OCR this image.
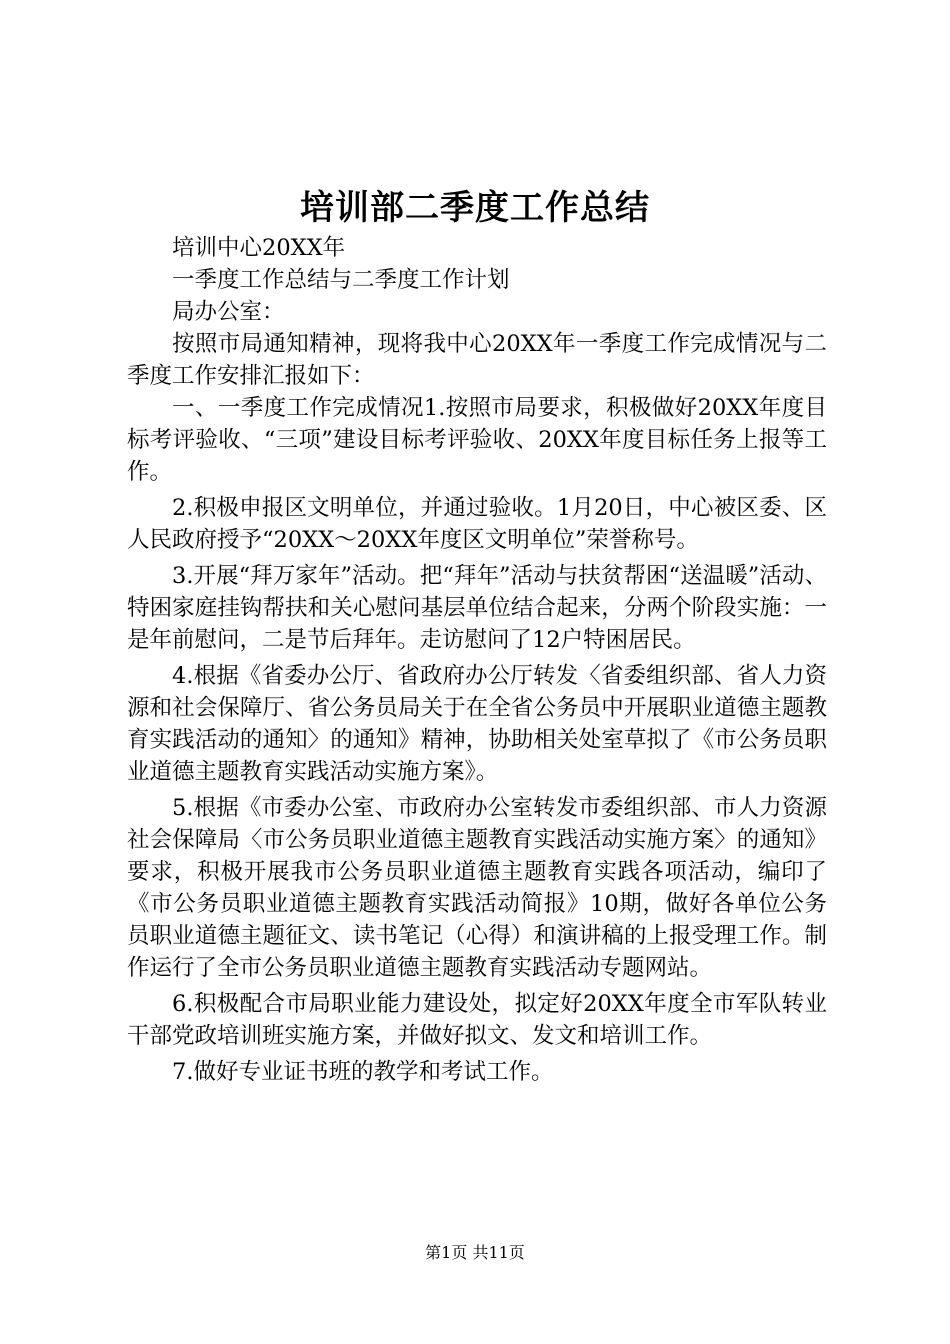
培训部二季度工作总结

培训中心20XX年

一季度工作总结与二季度工作计划

局办公室：

按照市局通知精神，现将我中心20XX年一季度工作完成情况与二季度工作安排汇报如下：

一、一季度工作完成情况1.按照市局要求，积极做好20XX年度目标考评验收、“三项”建设目标考评验收、20XX年度目标任务上报等工作。

2.积极申报区文明单位，并通过验收。1月20日，中心被区委、区人民政府授予“20XX～20XX年度区文明单位”荣誉称号。

3.开展“拜万家年”活动。把“拜年”活动与扶贫帮困“送温暖”活动、特困家庭挂钩帮扶和关心慰问基层单位结合起来，分两个阶段实施：一是年前慰问，二是节后拜年。走访慰问了12户特困居民。

4.根据《省委办公厅、省政府办公厅转发〈省委组织部、省人力资源和社会保障厅、省公务员局关于在全省公务员中开展职业道德主题教育实践活动的通知〉的通知》精神，协助相关处室草拟了《市公务员职业道德主题教育实践活动实施方案》。

5.根据《市委办公室、市政府办公室转发市委组织部、市人力资源社会保障局〈市公务员职业道德主题教育实践活动实施方案〉的通知》要求，积极开展我市公务员职业道德主题教育实践各项活动，编印了《市公务员职业道德主题教育实践活动简报》10期，做好各单位公务员职业道德主题征文、读书笔记（心得）和演讲稿的上报受理工作。制作运行了全市公务员职业道德主题教育实践活动专题网站。

6.积极配合市局职业能力建设处，拟定好20XX年度全市军队转业干部党政培训班实施方案，并做好拟文、发文和培训工作。

7.做好专业证书班的教学和考试工作。

第1页 共11页
